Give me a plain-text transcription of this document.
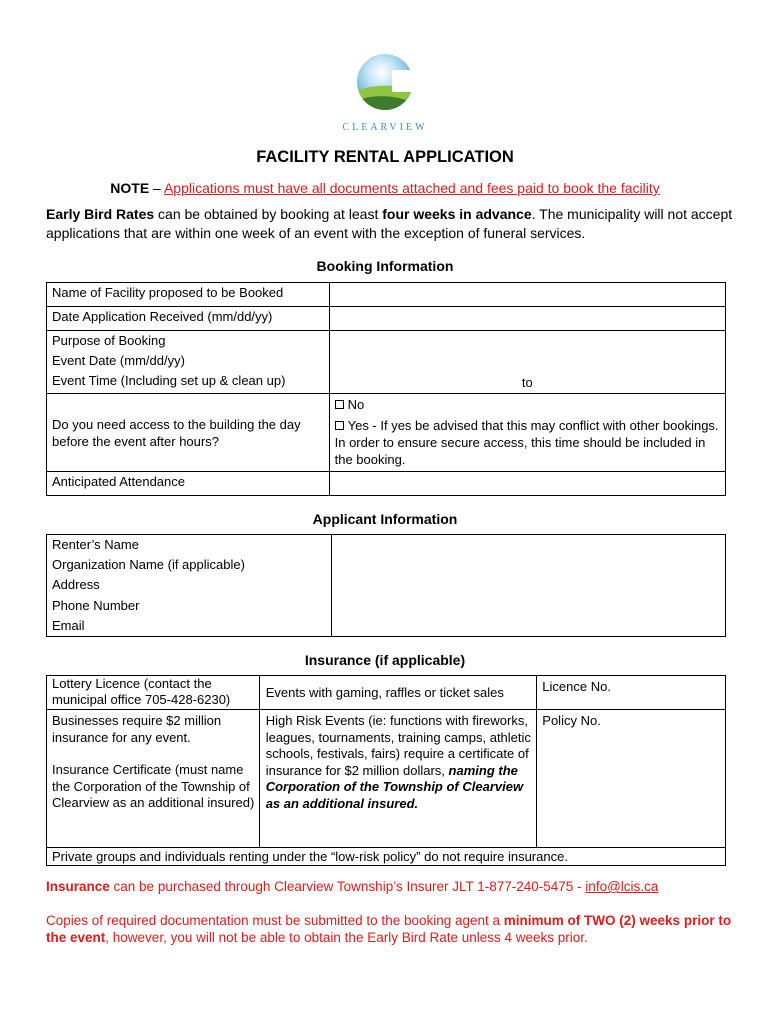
CLEARVIEW
FACILITY RENTAL APPLICATION
NOTE – Applications must have all documents attached and fees paid to book the facility
Early Bird Rates can be obtained by booking at least four weeks in advance. The municipality will not accept applications that are within one week of an event with the exception of funeral services.
Booking Information
Name of Facility proposed to be Booked	
Date Application Received (mm/dd/yy)	

Purpose of Booking
Event Date (mm/dd/yy)
Event Time (Including set up & clean up)	to

Do you need access to the building the day before the event after hours?	No
Yes - If yes be advised that this may conflict with other bookings. In order to ensure secure access, this time should be included in the booking.

Anticipated Attendance	
Applicant Information
Renter’s Name
Organization Name (if applicable)
Address
Phone Number
Email

Insurance (if applicable)
Lottery Licence (contact the municipal office 705-428-6230)	Events with gaming, raffles or ticket sales	Licence No.

Businesses require $2 million insurance for any event.
Insurance Certificate (must name the Corporation of the Township of Clearview as an additional insured)	High Risk Events (ie: functions with fireworks, leagues, tournaments, training camps, athletic schools, festivals, fairs) require a certificate of insurance for $2 million dollars, naming the Corporation of the Township of Clearview as an additional insured.	Policy No.
Private groups and individuals renting under the “low-risk policy” do not require insurance.		
Insurance can be purchased through Clearview Township’s Insurer JLT 1-877-240-5475 - info@lcis.ca
Copies of required documentation must be submitted to the booking agent a minimum of TWO (2) weeks prior to the event, however, you will not be able to obtain the Early Bird Rate unless 4 weeks prior.
